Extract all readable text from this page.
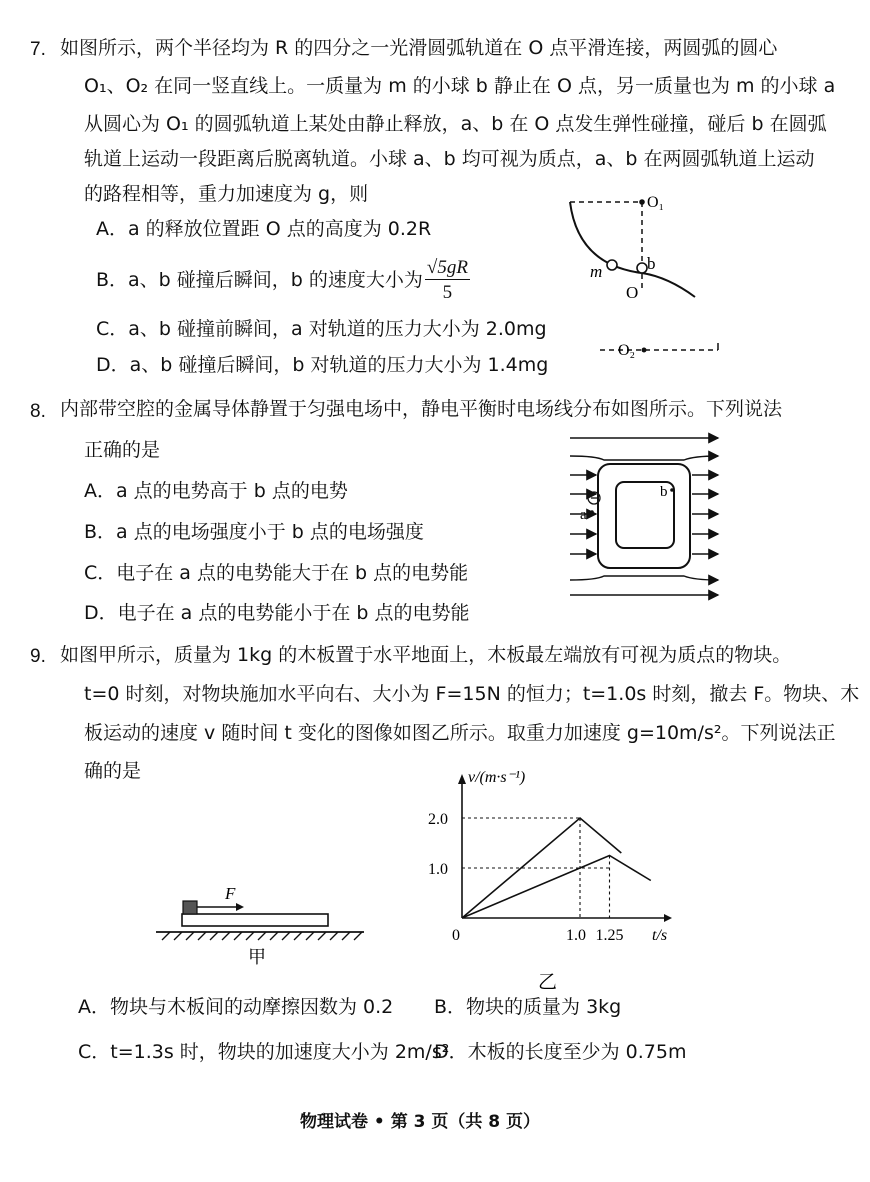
7. 如图所示，两个半径均为 R 的四分之一光滑圆弧轨道在 O 点平滑连接，两圆弧的圆心
O₁、O₂ 在同一竖直线上。一质量为 m 的小球 b 静止在 O 点，另一质量也为 m 的小球 a
从圆心为 O₁ 的圆弧轨道上某处由静止释放，a、b 在 O 点发生弹性碰撞，碰后 b 在圆弧
轨道上运动一段距离后脱离轨道。小球 a、b 均可视为质点，a、b 在两圆弧轨道上运动
的路程相等，重力加速度为 g，则
A．a 的释放位置距 O 点的高度为 0.2R
B．a、b 碰撞后瞬间，b 的速度大小为 $\frac{√5gR}{5}$
C．a、b 碰撞前瞬间，a 对轨道的压力大小为 2.0mg
D．a、b 碰撞后瞬间，b 对轨道的压力大小为 1.4mg
O₁
b
O
m
O₂
8. 内部带空腔的金属导体静置于匀强电场中，静电平衡时电场线分布如图所示。下列说法
正确的是
A．a 点的电势高于 b 点的电势
B．a 点的电场强度小于 b 点的电场强度
C．电子在 a 点的电势能大于在 b 点的电势能
D．电子在 a 点的电势能小于在 b 点的电势能
a
b
9. 如图甲所示，质量为 1kg 的木板置于水平地面上，木板最左端放有可视为质点的物块。
t=0 时刻，对物块施加水平向右、大小为 F=15N 的恒力；t=1.0s 时刻，撤去 F。物块、木
板运动的速度 v 随时间 t 变化的图像如图乙所示。取重力加速度 g=10m/s²。下列说法正
确的是
F
甲
v/(m·s⁻¹)
t/s
0
1.0
2.0
1.0 1.25
乙
A．物块与木板间的动摩擦因数为 0.2 B．物块的质量为 3kg
C．t=1.3s 时，物块的加速度大小为 2m/s²
D．木板的长度至少为 0.75m
物理试卷 • 第 3 页（共 8 页）
